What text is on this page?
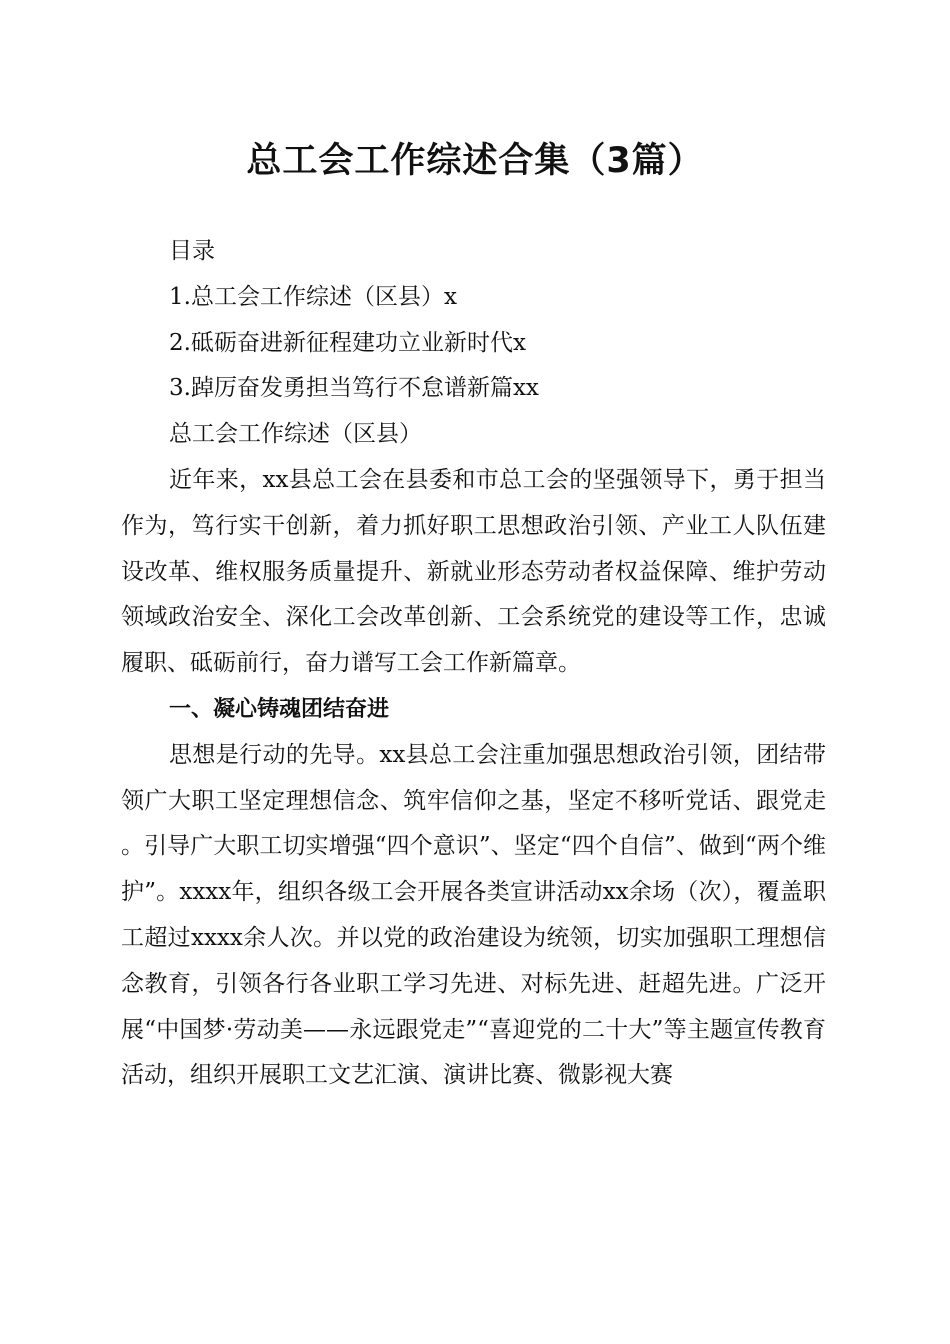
总工会工作综述合集（3篇）

目录

1.总工会工作综述（区县）x

2.砥砺奋进新征程建功立业新时代x

3.踔厉奋发勇担当笃行不怠谱新篇xx

总工会工作综述（区县）

近年来，xx县总工会在县委和市总工会的坚强领导下，勇于担当作为，笃行实干创新，着力抓好职工思想政治引领、产业工人队伍建设改革、维权服务质量提升、新就业形态劳动者权益保障、维护劳动领域政治安全、深化工会改革创新、工会系统党的建设等工作，忠诚履职、砥砺前行，奋力谱写工会工作新篇章。

一、凝心铸魂团结奋进

思想是行动的先导。xx县总工会注重加强思想政治引领，团结带领广大职工坚定理想信念、筑牢信仰之基，坚定不移听党话、跟党走。引导广大职工切实增强“四个意识”、坚定“四个自信”、做到“两个维护”。xxxx年，组织各级工会开展各类宣讲活动xx余场（次），覆盖职工超过xxxx余人次。并以党的政治建设为统领，切实加强职工理想信念教育，引领各行各业职工学习先进、对标先进、赶超先进。广泛开展“中国梦·劳动美——永远跟党走”“喜迎党的二十大”等主题宣传教育活动，组织开展职工文艺汇演、演讲比赛、微影视大赛
